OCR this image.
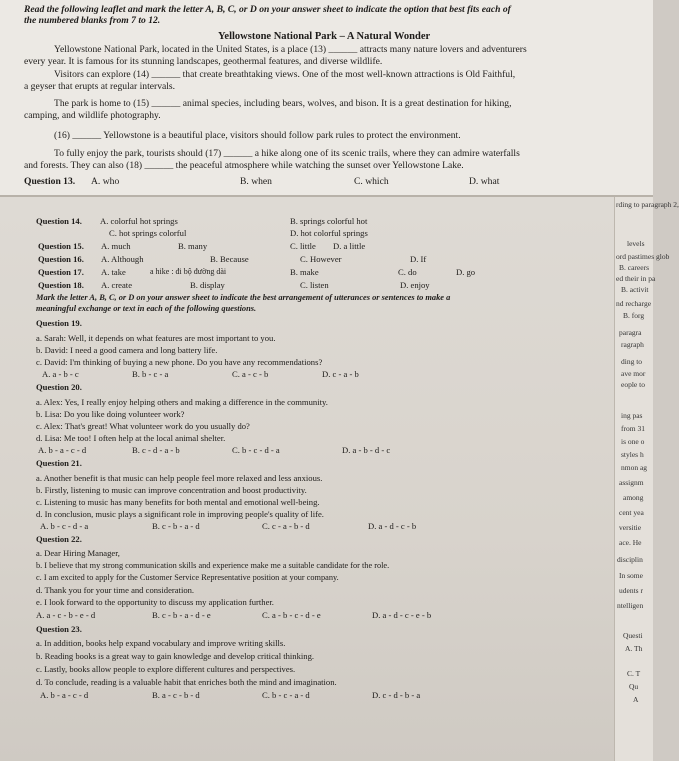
Read the following leaflet and mark the letter A, B, C, or D on your answer sheet to indicate the option that best fits each of
the numbered blanks from 7 to 12.
Yellowstone National Park – A Natural Wonder
Yellowstone National Park, located in the United States, is a place (13) ______ attracts many nature lovers and adventurers
every year. It is famous for its stunning landscapes, geothermal features, and diverse wildlife.
Visitors can explore (14) ______ that create breathtaking views. One of the most well-known attractions is Old Faithful,
a geyser that erupts at regular intervals.
The park is home to (15) ______ animal species, including bears, wolves, and bison. It is a great destination for hiking,
camping, and wildlife photography.
(16) ______ Yellowstone is a beautiful place, visitors should follow park rules to protect the environment.
To fully enjoy the park, tourists should (17) ______ a hike along one of its scenic trails, where they can admire waterfalls
and forests. They can also (18) ______ the peaceful atmosphere while watching the sunset over Yellowstone Lake.
Question 13. A. who	B. when	C. which	D. what
Question 14. A. colorful hot springs	B. springs colorful hot
C. hot springs colorful	D. hot colorful springs
Question 15. A. much	B. many	C. little D. a little
Question 16. A. Although	B. Because	C. However	D. If
Question 17. A. take	a hike : đi bộ đường dài	B. make	C. do	D. go
Question 18. A. create	B. display	C. listen	D. enjoy
Mark the letter A, B, C, or D on your answer sheet to indicate the best arrangement of utterances or sentences to make a
meaningful exchange or text in each of the following questions.
Question 19.
a. Sarah: Well, it depends on what features are most important to you.
b. David: I need a good camera and long battery life.
c. David: I'm thinking of buying a new phone. Do you have any recommendations?
A. a - b - c	B. b - c - a	C. a - c - b	D. c - a - b
Question 20.
a. Alex: Yes, I really enjoy helping others and making a difference in the community.
b. Lisa: Do you like doing volunteer work?
c. Alex: That's great! What volunteer work do you usually do?
d. Lisa: Me too! I often help at the local animal shelter.
A. b - a - c - d	B. c - d - a - b	C. b - c - d - a	D. a - b - d - c
Question 21.
a. Another benefit is that music can help people feel more relaxed and less anxious.
b. Firstly, listening to music can improve concentration and boost productivity.
c. Listening to music has many benefits for both mental and emotional well-being.
d. In conclusion, music plays a significant role in improving people's quality of life.
A. b - c - d - a	B. c - b - a - d	C. c - a - b - d	D. a - d - c - b
Question 22.
a. Dear Hiring Manager,
b. I believe that my strong communication skills and experience make me a suitable candidate for the role.
c. I am excited to apply for the Customer Service Representative position at your company.
d. Thank you for your time and consideration.
e. I look forward to the opportunity to discuss my application further.
A. a - c - b - e - d	B. c - b - a - d - e	C. a - b - c - d - e	D. a - d - c - e - b
Question 23.
a. In addition, books help expand vocabulary and improve writing skills.
b. Reading books is a great way to gain knowledge and develop critical thinking.
c. Lastly, books allow people to explore different cultures and perspectives.
d. To conclude, reading is a valuable habit that enriches both the mind and imagination.
A. b - a - c - d	B. a - c - b - d	C. b - c - a - d	D. c - d - b - a
rding to paragraph 2,
levels
ord pastimes glob
B. careers
ed their in pa
B. activit
nd recharge
B. forg
paragra
ragraph
ding to
ave mor
eople to
ing pas
from 31
is one o
styles h
nmon ag
assignm
among
cent yea
versitie
ace. He
disciplin
In some
udents r
ntelligen
Questi
A. Th
C. T
Qu
A
